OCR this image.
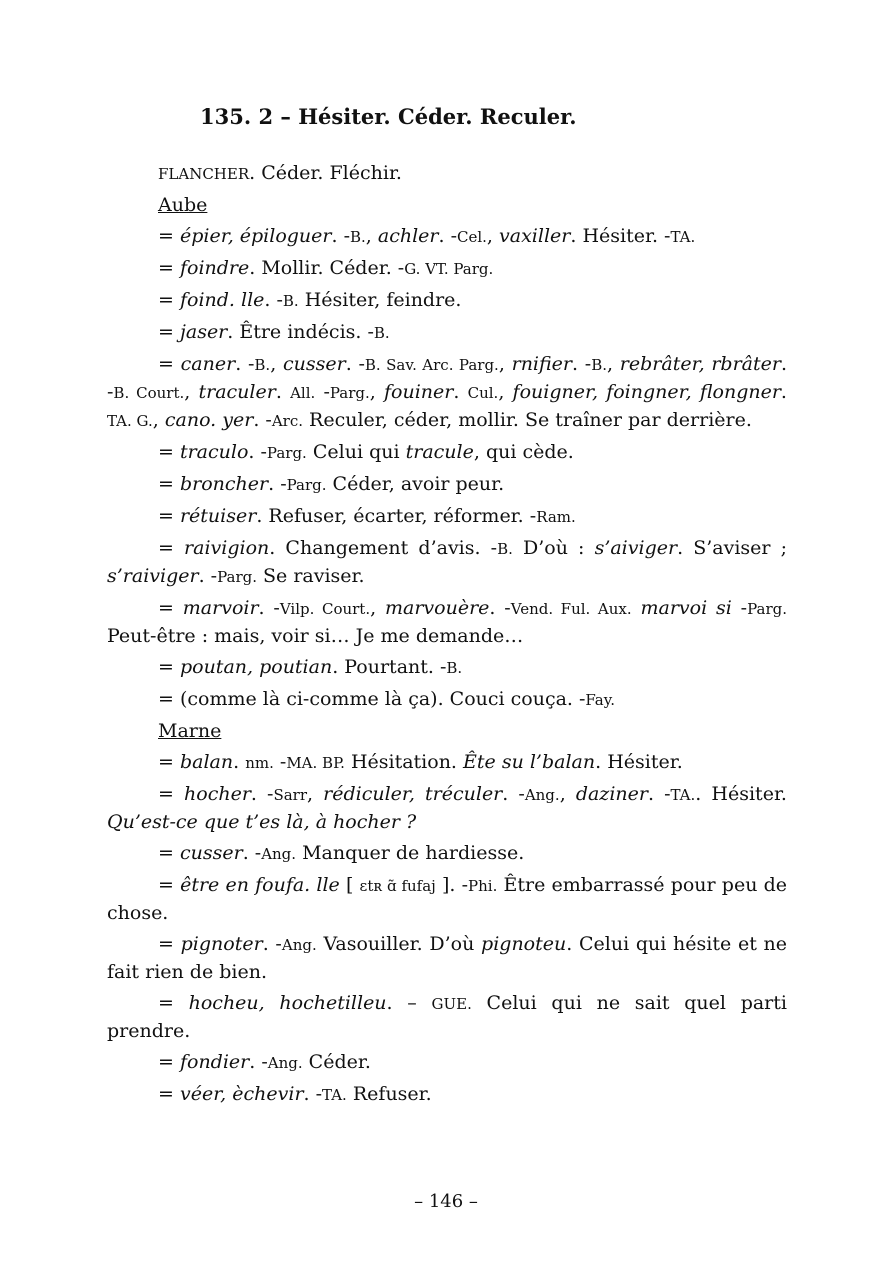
135. 2 – Hésiter. Céder. Reculer.
FLANCHER. Céder. Fléchir.
Aube
= épier, épiloguer. -B., achler. -Cel., vaxiller. Hésiter. -TA.
= foindre. Mollir. Céder. -G. VT. Parg.
= foind. lle. -B. Hésiter, feindre.
= jaser. Être indécis. -B.
= caner. -B., cusser. -B. Sav. Arc. Parg., rnifier. -B., rebrâter, rbrâter. -B. Court., traculer. All. -Parg., fouiner. Cul., fouigner, foingner, flongner. TA. G., cano. yer. -Arc. Reculer, céder, mollir. Se traîner par derrière.
= traculo. -Parg. Celui qui tracule, qui cède.
= broncher. -Parg. Céder, avoir peur.
= rétuiser. Refuser, écarter, réformer. -Ram.
= raivigion. Changement d’avis. -B. D’où : s’aiviger. S’aviser ; s’raiviger. -Parg. Se raviser.
= marvoir. -Vilp. Court., marvouère. -Vend. Ful. Aux. marvoi si -Parg. Peut-être : mais, voir si… Je me demande…
= poutan, poutian. Pourtant. -B.
= (comme là ci-comme là ça). Couci couça. -Fay.
Marne
= balan. nm. -MA. BP. Hésitation. Ête su l’balan. Hésiter.
= hocher. -Sarr, rédiculer, tréculer. -Ang., daziner. -TA.. Hésiter. Qu’est-ce que t’es là, à hocher ?
= cusser. -Ang. Manquer de hardiesse.
= être en foufa. lle [ ɛtʀ ɑ̃ fufaj ]. -Phi. Être embarrassé pour peu de chose.
= pignoter. -Ang. Vasouiller. D’où pignoteu. Celui qui hésite et ne fait rien de bien.
= hocheu, hochetilleu. – GUE. Celui qui ne sait quel parti prendre.
= fondier. -Ang. Céder.
= véer, èchevir. -TA. Refuser.
– 146 –
